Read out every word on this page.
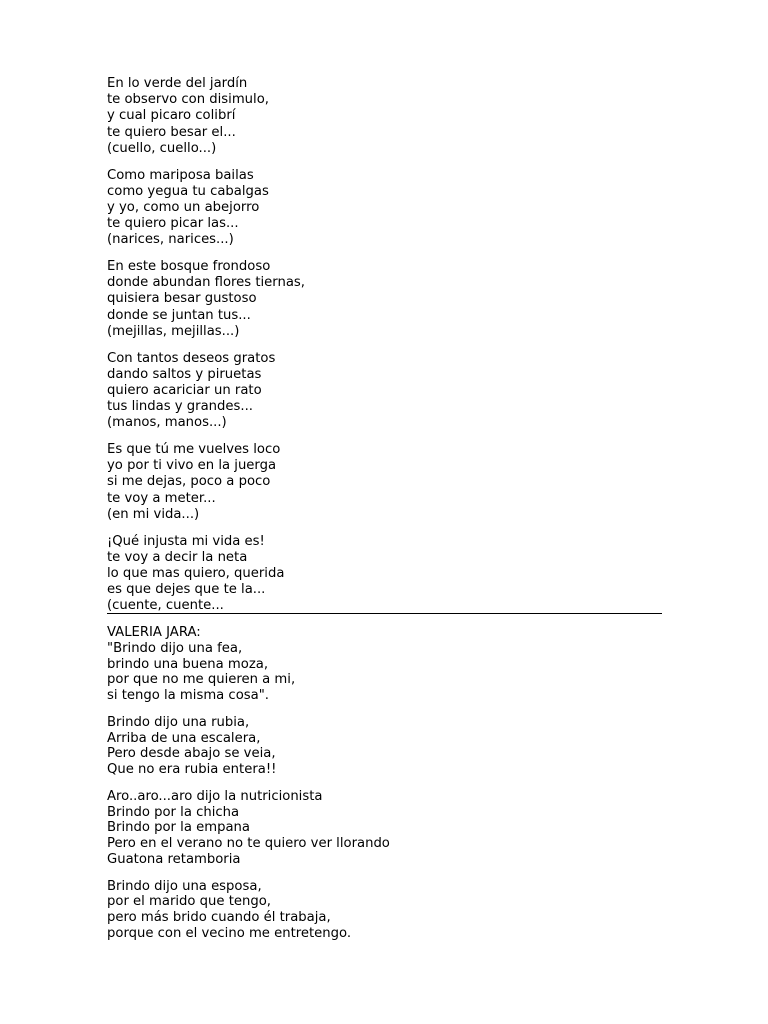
En lo verde del jardín
te observo con disimulo,
y cual picaro colibrí
te quiero besar el...
(cuello, cuello...)
Como mariposa bailas
como yegua tu cabalgas
y yo, como un abejorro
te quiero picar las...
(narices, narices...)
En este bosque frondoso
donde abundan flores tiernas,
quisiera besar gustoso
donde se juntan tus...
(mejillas, mejillas...)
Con tantos deseos gratos
dando saltos y piruetas
quiero acariciar un rato
tus lindas y grandes...
(manos, manos...)
Es que tú me vuelves loco
yo por ti vivo en la juerga
si me dejas, poco a poco
te voy a meter...
(en mi vida...)
¡Qué injusta mi vida es!
te voy a decir la neta
lo que mas quiero, querida
es que dejes que te la...
(cuente, cuente...
VALERIA JARA:
"Brindo dijo una fea,
brindo una buena moza,
por que no me quieren a mi,
si tengo la misma cosa".
Brindo dijo una rubia,
Arriba de una escalera,
Pero desde abajo se veia,
Que no era rubia entera!!
Aro..aro...aro dijo la nutricionista
Brindo por la chicha
Brindo por la empana
Pero en el verano no te quiero ver llorando
Guatona retamboria
Brindo dijo una esposa,
por el marido que tengo,
pero más brido cuando él trabaja,
porque con el vecino me entretengo.
